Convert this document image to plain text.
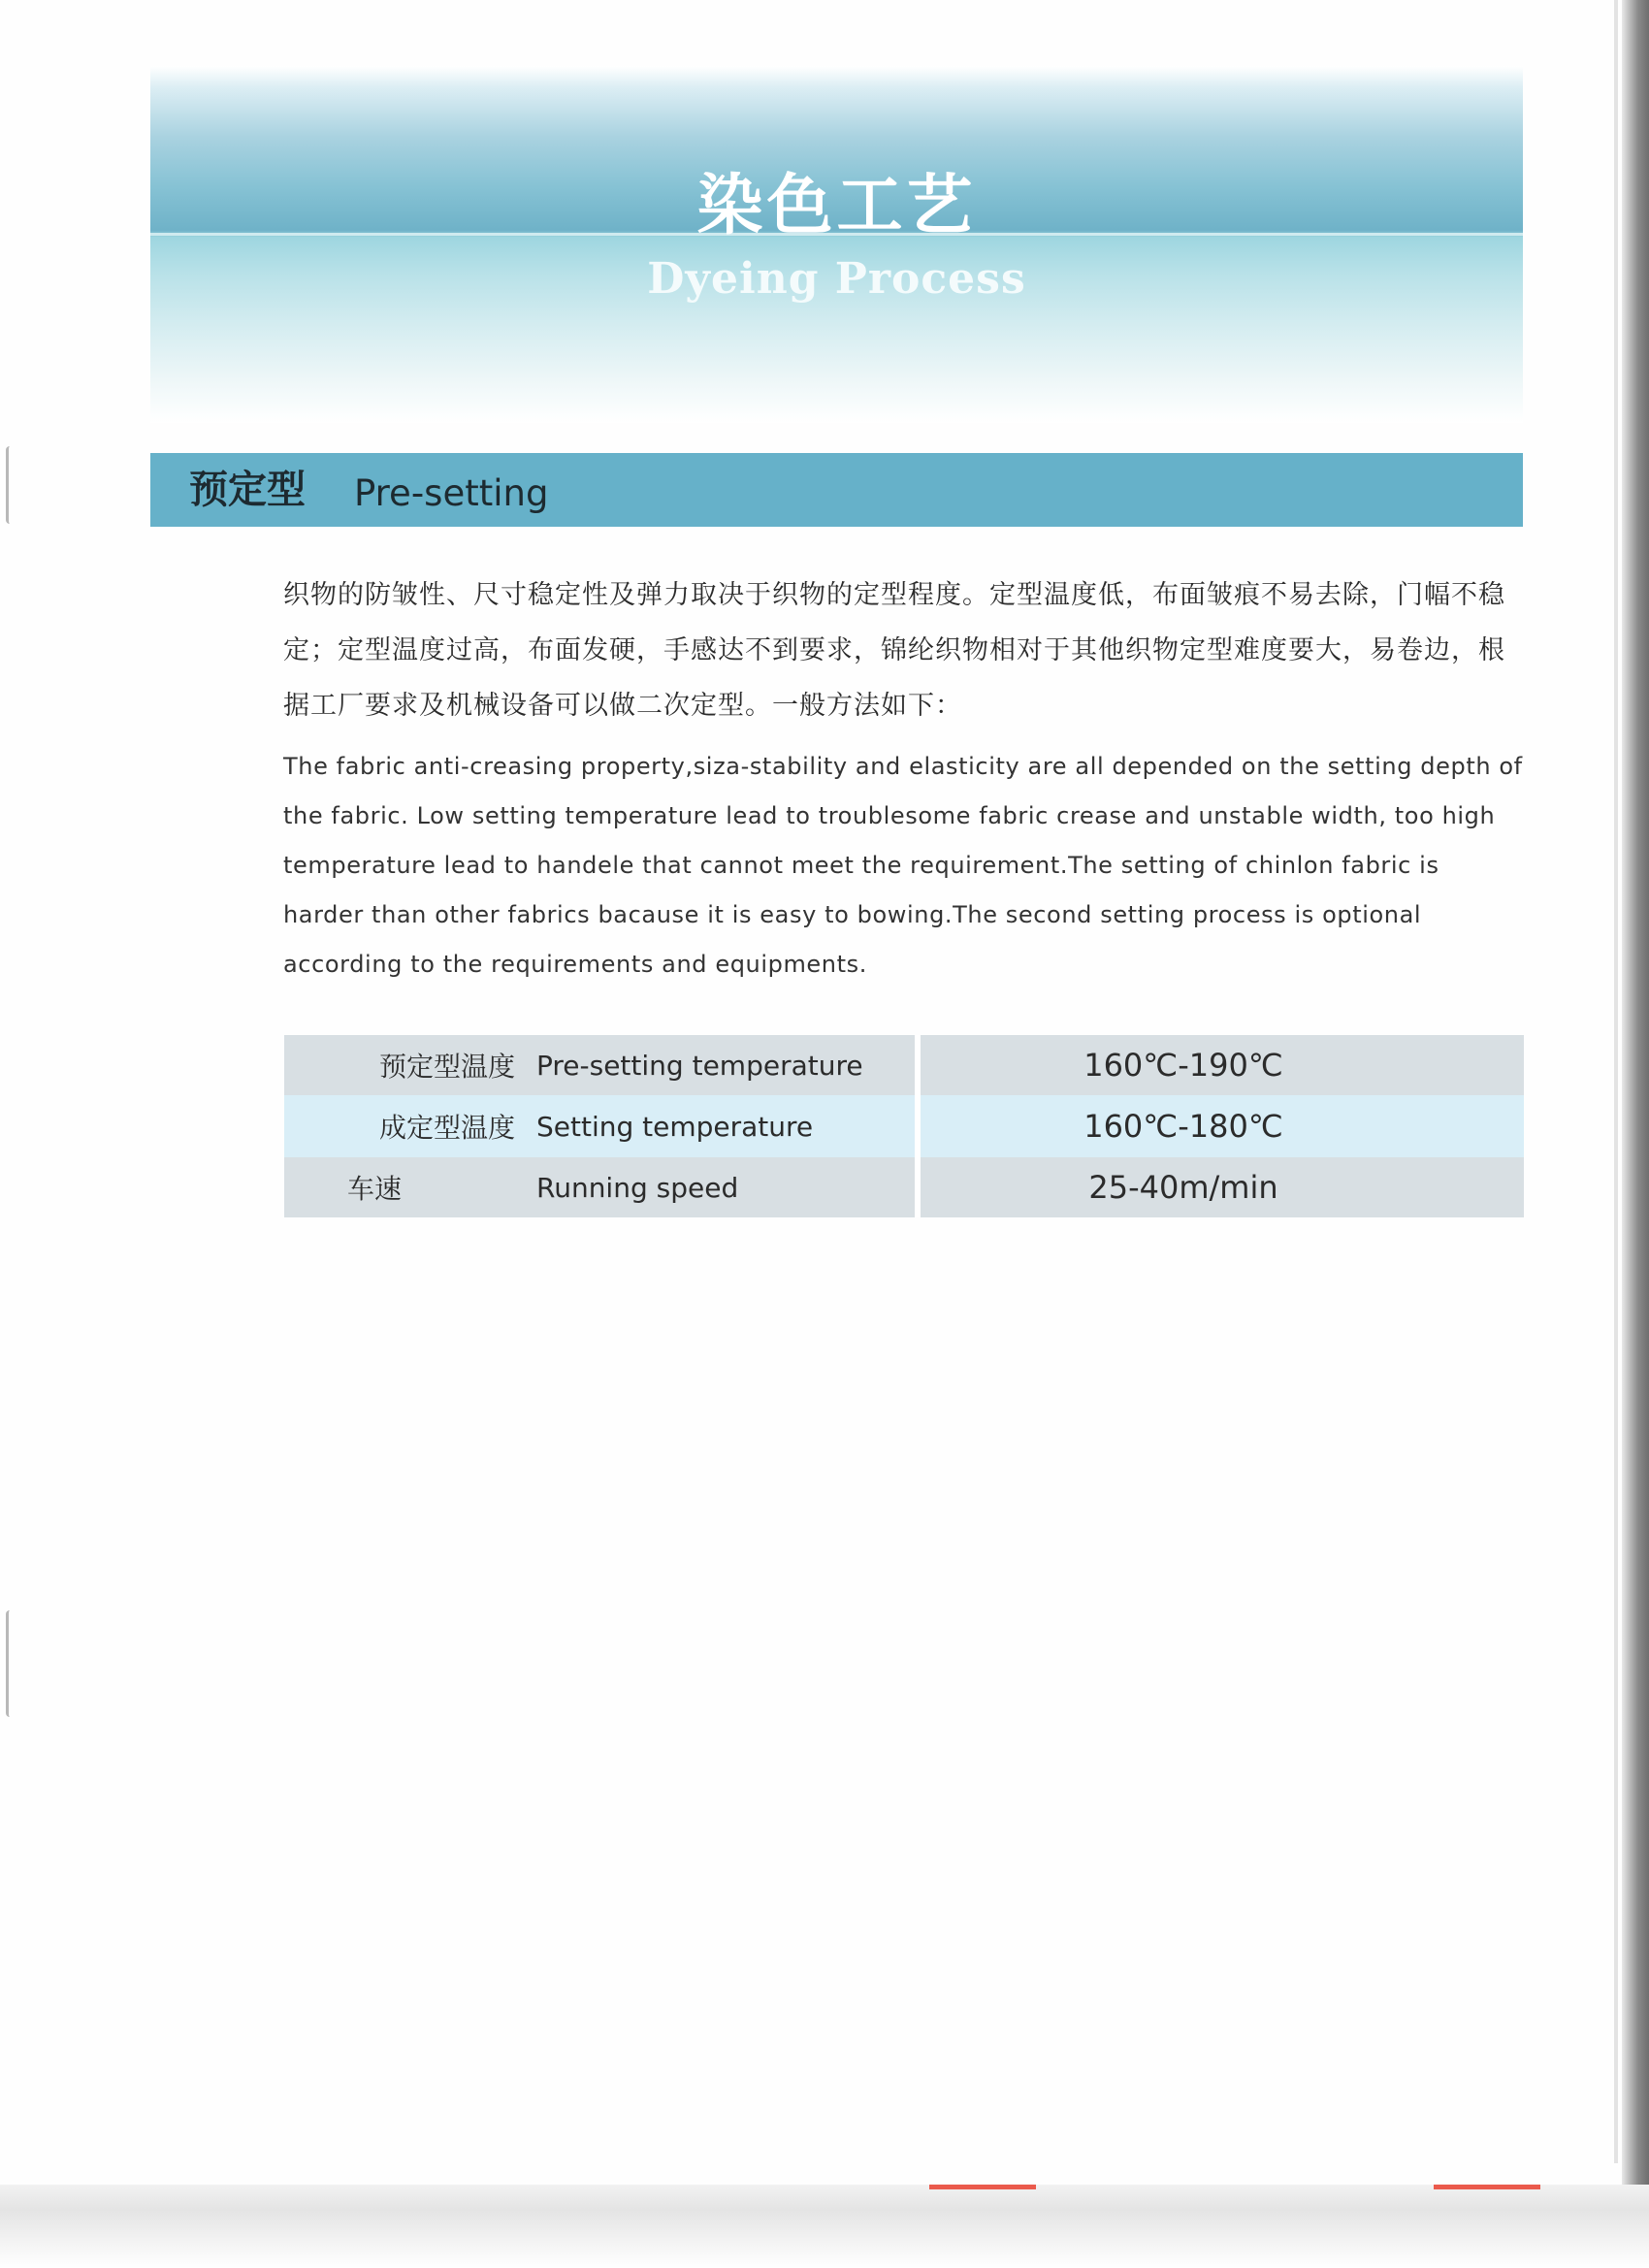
染色工艺
Dyeing Process
预定型 Pre-setting

织物的防皱性、尺寸稳定性及弹力取决于织物的定型程度。定型温度低，布面皱痕不易去除，门幅不稳定；定型温度过高，布面发硬，手感达不到要求，锦纶织物相对于其他织物定型难度要大，易卷边，根据工厂要求及机械设备可以做二次定型。一般方法如下：

The fabric anti-creasing property,siza-stability and elasticity are all depended on the setting depth of the fabric. Low setting temperature lead to troublesome fabric crease and unstable width, too high temperature lead to handele that cannot meet the requirement.The setting of chinlon fabric is harder than other fabrics bacause it is easy to bowing.The second setting process is optional according to the requirements and equipments.

预定型温度	Pre-setting temperature	160℃-190℃
成定型温度	Setting temperature	160℃-180℃
车速	Running speed	25-40m/min
